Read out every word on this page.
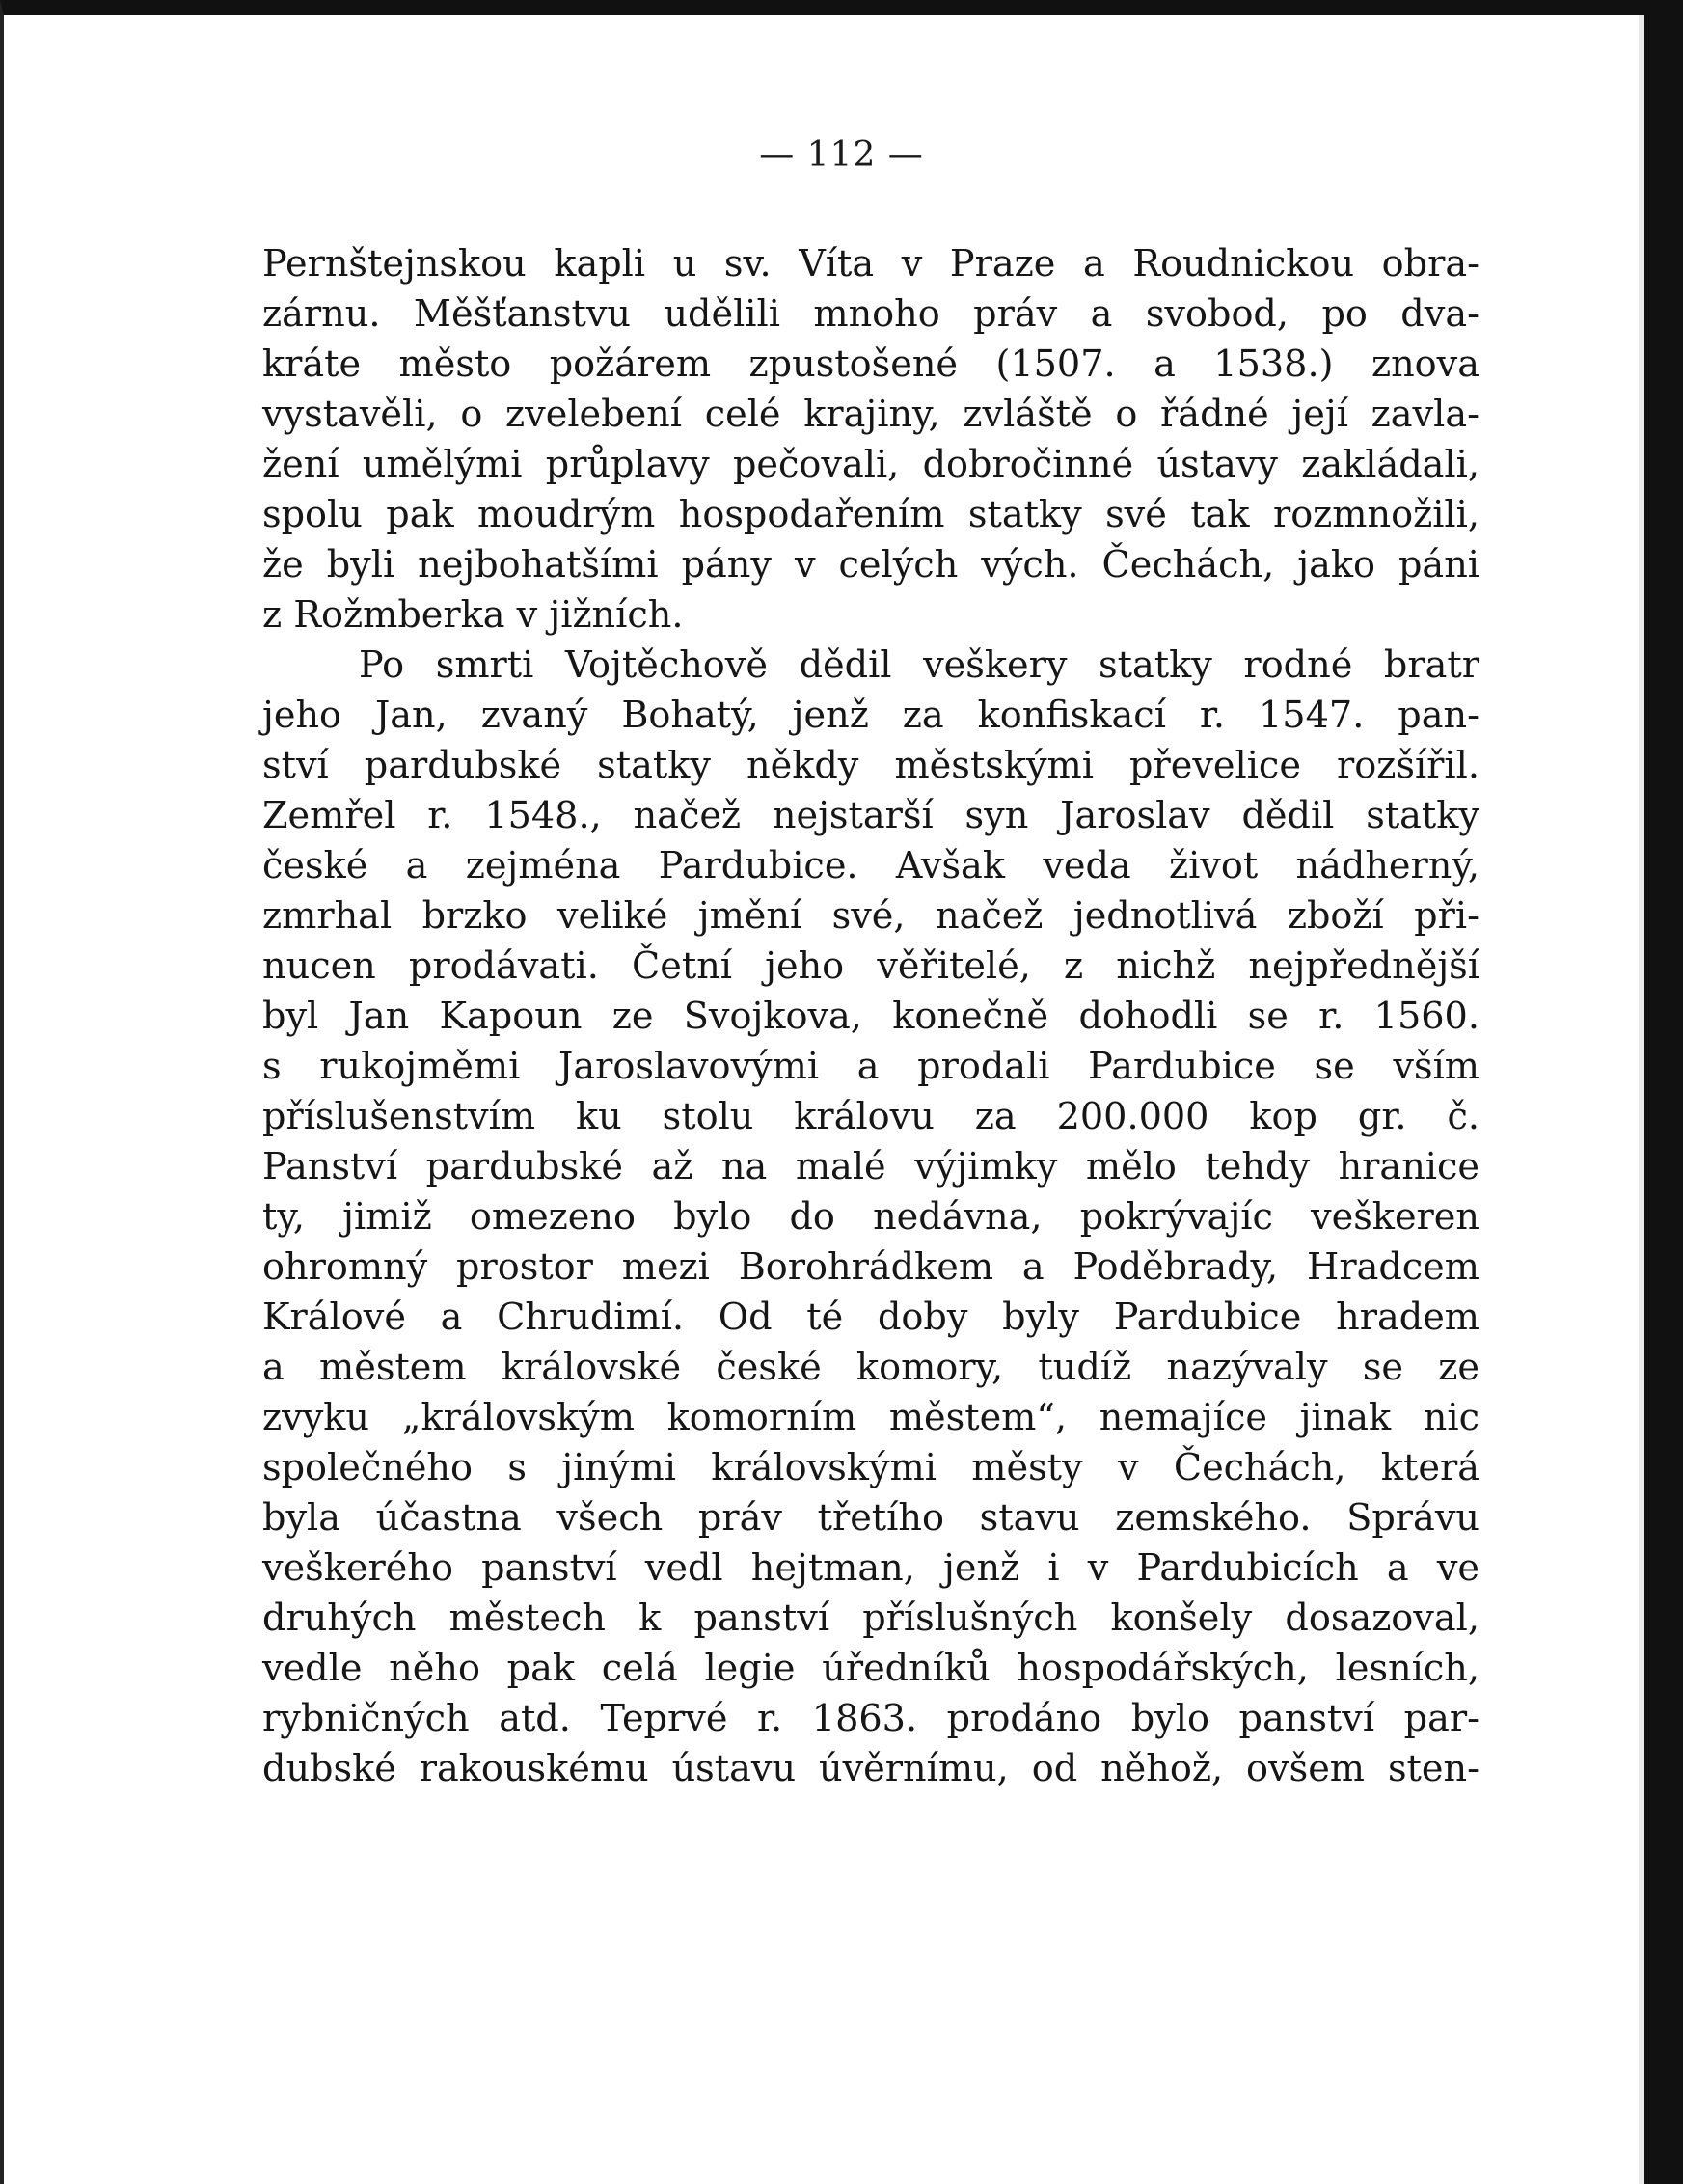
— 112 —
Pernštejnskou kapli u sv. Víta v Praze a Roudnickou obra-
zárnu. Měšťanstvu udělili mnoho práv a svobod, po dva-
kráte město požárem zpustošené (1507. a 1538.) znova
vystavěli, o zvelebení celé krajiny, zvláště o řádné její zavla-
žení umělými průplavy pečovali, dobročinné ústavy zakládali,
spolu pak moudrým hospodařením statky své tak rozmnožili,
že byli nejbohatšími pány v celých vých. Čechách, jako páni
z Rožmberka v jižních.
Po smrti Vojtěchově dědil veškery statky rodné bratr
jeho Jan, zvaný Bohatý, jenž za konfiskací r. 1547. pan-
ství pardubské statky někdy městskými převelice rozšířil.
Zemřel r. 1548., načež nejstarší syn Jaroslav dědil statky
české a zejména Pardubice. Avšak veda život nádherný,
zmrhal brzko veliké jmění své, načež jednotlivá zboží při-
nucen prodávati. Četní jeho věřitelé, z nichž nejpřednější
byl Jan Kapoun ze Svojkova, konečně dohodli se r. 1560.
s rukojměmi Jaroslavovými a prodali Pardubice se vším
příslušenstvím ku stolu královu za 200.000 kop gr. č.
Panství pardubské až na malé výjimky mělo tehdy hranice
ty, jimiž omezeno bylo do nedávna, pokrývajíc veškeren
ohromný prostor mezi Borohrádkem a Poděbrady, Hradcem
Králové a Chrudimí. Od té doby byly Pardubice hradem
a městem královské české komory, tudíž nazývaly se ze
zvyku „královským komorním městem“, nemajíce jinak nic
společného s jinými královskými městy v Čechách, která
byla účastna všech práv třetího stavu zemského. Správu
veškerého panství vedl hejtman, jenž i v Pardubicích a ve
druhých městech k panství příslušných konšely dosazoval,
vedle něho pak celá legie úředníků hospodářských, lesních,
rybničných atd. Teprvé r. 1863. prodáno bylo panství par-
dubské rakouskému ústavu úvěrnímu, od něhož, ovšem sten-
